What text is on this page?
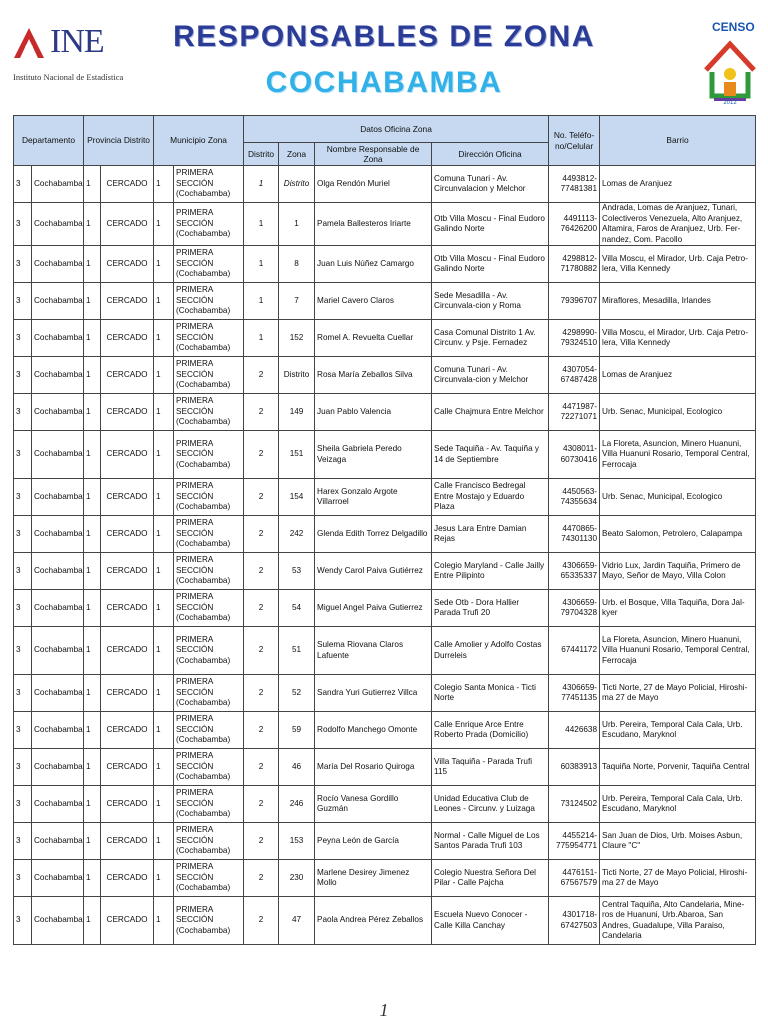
INE
Instituto Nacional de Estadística
RESPONSABLES DE ZONA
COCHABAMBA
CENSO
2012
Departamento		Provincia Distrito		Municipio Zona		Datos Oficina Zona				No. Teléfo-no/Celular	Barrio
						Distrito	Zona	Nombre Responsable de Zona	Dirección Oficina		
3	Cochabamba	1	CERCADO	1	PRIMERA SECCIÓN (Cochabamba)	1	Distrito	Olga Rendón Muriel	Comuna Tunari - Av. Circunvalacion y Melchor	4493812-77481381	Lomas de Aranjuez
3	Cochabamba	1	CERCADO	1	PRIMERA SECCIÓN (Cochabamba)	1	1	Pamela Ballesteros Iriarte	Otb Villa Moscu - Final Eudoro Galindo Norte	4491113-76426200	Andrada, Lomas de Aranjuez, Tunari, Colectiveros Venezuela, Alto Aranjuez, Altamira, Faros de Aranjuez, Urb. Fer-nandez, Com. Pacollo
3	Cochabamba	1	CERCADO	1	PRIMERA SECCIÓN (Cochabamba)	1	8	Juan Luis Núñez Camargo	Otb Villa Moscu - Final Eudoro Galindo Norte	4298812-71780882	Villa Moscu, el Mirador, Urb. Caja Petro-lera, Villa Kennedy
3	Cochabamba	1	CERCADO	1	PRIMERA SECCIÓN (Cochabamba)	1	7	Mariel Cavero Claros	Sede Mesadilla - Av. Circunvala-cion y Roma	79396707	Miraflores, Mesadilla, Irlandes
3	Cochabamba	1	CERCADO	1	PRIMERA SECCIÓN (Cochabamba)	1	152	Romel A. Revuelta Cuellar	Casa Comunal Distrito 1 Av. Circunv. y Psje. Fernadez	4298990-79324510	Villa Moscu, el Mirador, Urb. Caja Petro-lera, Villa Kennedy
3	Cochabamba	1	CERCADO	1	PRIMERA SECCIÓN (Cochabamba)	2	Distrito	Rosa María Zeballos Silva	Comuna Tunari - Av. Circunvala-cion y Melchor	4307054-67487428	Lomas de Aranjuez
3	Cochabamba	1	CERCADO	1	PRIMERA SECCIÓN (Cochabamba)	2	149	Juan Pablo Valencia	Calle Chajmura Entre Melchor	4471987-72271071	Urb. Senac, Municipal, Ecologico
3	Cochabamba	1	CERCADO	1	PRIMERA SECCIÓN (Cochabamba)	2	151	Sheila Gabriela Peredo Veizaga	Sede Taquiña - Av. Taquiña y 14 de Septiembre	4308011-60730416	La Floreta, Asuncion, Minero Huanuni, Villa Huanuni Rosario, Temporal Central, Ferrocaja
3	Cochabamba	1	CERCADO	1	PRIMERA SECCIÓN (Cochabamba)	2	154	Harex Gonzalo Argote Villarroel	Calle Francisco Bedregal Entre Mostajo y Eduardo Plaza	4450563-74355634	Urb. Senac, Municipal, Ecologico
3	Cochabamba	1	CERCADO	1	PRIMERA SECCIÓN (Cochabamba)	2	242	Glenda Edith Torrez Delgadillo	Jesus Lara Entre Damian Rejas	4470865-74301130	Beato Salomon, Petrolero, Calapampa
3	Cochabamba	1	CERCADO	1	PRIMERA SECCIÓN (Cochabamba)	2	53	Wendy Carol Paiva Gutiérrez	Colegio Maryland - Calle Jailly Entre Pilipinto	4306659-65335337	Vidrio Lux, Jardin Taquiña, Primero de Mayo, Señor de Mayo, Villa Colon
3	Cochabamba	1	CERCADO	1	PRIMERA SECCIÓN (Cochabamba)	2	54	Miguel Angel Paiva Gutierrez	Sede Otb - Dora Hallier Parada Trufi 20	4306659-79704328	Urb. el Bosque, Villa Taquiña, Dora Jal-kyer
3	Cochabamba	1	CERCADO	1	PRIMERA SECCIÓN (Cochabamba)	2	51	Sulema Riovana Claros Lafuente	Calle Amolier y Adolfo Costas Durreleis	67441172	La Floreta, Asuncion, Minero Huanuni, Villa Huanuni Rosario, Temporal Central, Ferrocaja
3	Cochabamba	1	CERCADO	1	PRIMERA SECCIÓN (Cochabamba)	2	52	Sandra Yuri Gutierrez Villca	Colegio Santa Monica - Ticti Norte	4306659-77451135	Ticti Norte, 27 de Mayo Policial, Hiroshi-ma 27 de Mayo
3	Cochabamba	1	CERCADO	1	PRIMERA SECCIÓN (Cochabamba)	2	59	Rodolfo Manchego Omonte	Calle Enrique Arce Entre Roberto Prada (Domicilio)	4426638	Urb. Pereira, Temporal Cala Cala, Urb. Escudano, Maryknol
3	Cochabamba	1	CERCADO	1	PRIMERA SECCIÓN (Cochabamba)	2	46	María Del Rosario Quiroga	Villa Taquiña - Parada Trufi 115	60383913	Taquiña Norte, Porvenir, Taquiña Central
3	Cochabamba	1	CERCADO	1	PRIMERA SECCIÓN (Cochabamba)	2	246	Rocío Vanesa Gordillo Guzmán	Unidad Educativa Club de Leones - Circunv. y Luizaga	73124502	Urb. Pereira, Temporal Cala Cala, Urb. Escudano, Maryknol
3	Cochabamba	1	CERCADO	1	PRIMERA SECCIÓN (Cochabamba)	2	153	Peyna León de García	Normal - Calle Miguel de Los Santos Parada Trufi 103	4455214-775954771	San Juan de Dios, Urb. Moises Asbun, Claure "C"
3	Cochabamba	1	CERCADO	1	PRIMERA SECCIÓN (Cochabamba)	2	230	Marlene Desirey Jimenez Mollo	Colegio Nuestra Señora Del Pilar - Calle Pajcha	4476151-67567579	Ticti Norte, 27 de Mayo Policial, Hiroshi-ma 27 de Mayo
3	Cochabamba	1	CERCADO	1	PRIMERA SECCIÓN (Cochabamba)	2	47	Paola Andrea Pérez Zeballos	Escuela Nuevo Conocer - Calle Killa Canchay	4301718-67427503	Central Taquiña, Alto Candelaria, Mine-ros de Huanuni, Urb.Abaroa, San Andres, Guadalupe, Villa Paraiso, Candelaria
1
